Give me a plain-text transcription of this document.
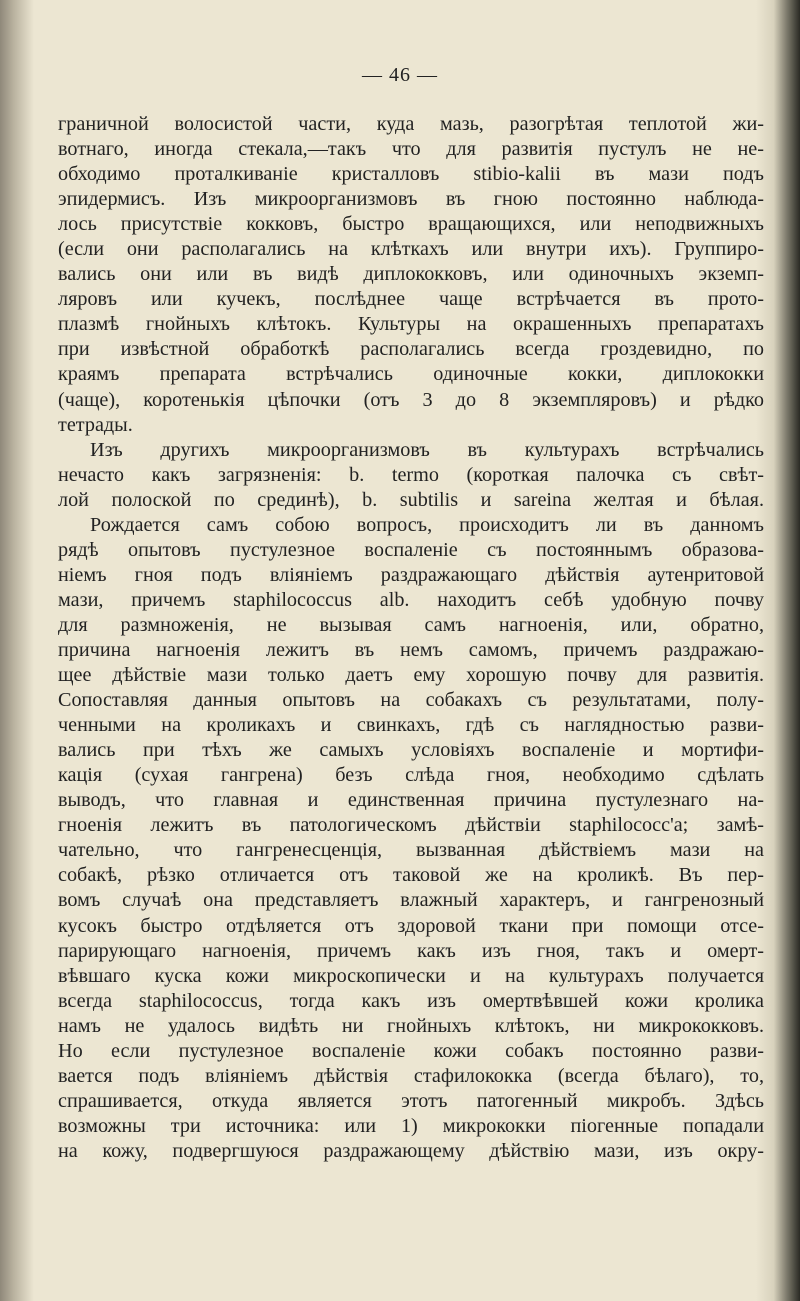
— 46 —
граничной волосистой части, куда мазь, разогрѣтая теплотой жи-
вотнаго, иногда стекала,—такъ что для развитія пустулъ не не-
обходимо проталкиваніе кристалловъ stibio-kalii въ мази подъ
эпидермисъ. Изъ микроорганизмовъ въ гною постоянно наблюда-
лось присутствіе кокковъ, быстро вращающихся, или неподвижныхъ
(если они располагались на клѣткахъ или внутри ихъ). Группиро-
вались они или въ видѣ диплококковъ, или одиночныхъ экземп-
ляровъ или кучекъ, послѣднее чаще встрѣчается въ прото-
плазмѣ гнойныхъ клѣтокъ. Культуры на окрашенныхъ препаратахъ
при извѣстной обработкѣ располагались всегда гроздевидно, по
краямъ препарата встрѣчались одиночные кокки, диплококки
(чаще), коротенькія цѣпочки (отъ 3 до 8 экземпляровъ) и рѣдко
тетрады.
Изъ другихъ микроорганизмовъ въ культурахъ встрѣчались
нечасто какъ загрязненія: b. termo (короткая палочка съ свѣт-
лой полоской по срединѣ), b. subtilis и sareina желтая и бѣлая.
Рождается самъ собою вопросъ, происходитъ ли въ данномъ
рядѣ опытовъ пустулезное воспаленіе съ постояннымъ образова-
ніемъ гноя подъ вліяніемъ раздражающаго дѣйствія аутенритовой
мази, причемъ staphilococcus alb. находитъ себѣ удобную почву
для размноженія, не вызывая самъ нагноенія, или, обратно,
причина нагноенія лежитъ въ немъ самомъ, причемъ раздражаю-
щее дѣйствіе мази только даетъ ему хорошую почву для развитія.
Сопоставляя данныя опытовъ на собакахъ съ результатами, полу-
ченными на кроликахъ и свинкахъ, гдѣ съ наглядностью разви-
вались при тѣхъ же самыхъ условіяхъ воспаленіе и мортифи-
кація (сухая гангрена) безъ слѣда гноя, необходимо сдѣлать
выводъ, что главная и единственная причина пустулезнаго на-
гноенія лежитъ въ патологическомъ дѣйствіи staphilococc'a; замѣ-
чательно, что гангренесценція, вызванная дѣйствіемъ мази на
собакѣ, рѣзко отличается отъ таковой же на кроликѣ. Въ пер-
вомъ случаѣ она представляетъ влажный характеръ, и гангренозный
кусокъ быстро отдѣляется отъ здоровой ткани при помощи отсе-
парирующаго нагноенія, причемъ какъ изъ гноя, такъ и омерт-
вѣвшаго куска кожи микроскопически и на культурахъ получается
всегда staphilococcus, тогда какъ изъ омертвѣвшей кожи кролика
намъ не удалось видѣть ни гнойныхъ клѣтокъ, ни микрококковъ.
Но если пустулезное воспаленіе кожи собакъ постоянно разви-
вается подъ вліяніемъ дѣйствія стафилококка (всегда бѣлаго), то,
спрашивается, откуда является этотъ патогенный микробъ. Здѣсь
возможны три источника: или 1) микрококки піогенные попадали
на кожу, подвергшуюся раздражающему дѣйствію мази, изъ окру-
